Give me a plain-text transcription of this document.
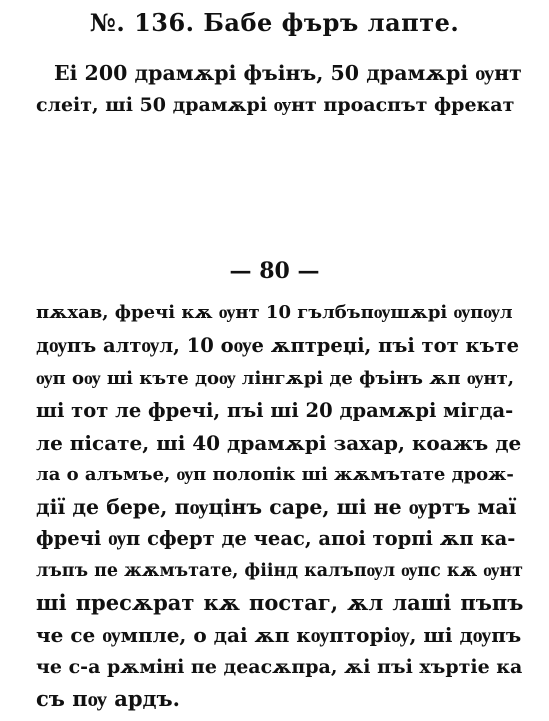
№. 136. Бабе фъръ лапте.
Еі 200 драмѫрі фъінъ, 50 драмѫрі ѹнт
слеіт, ші 50 драмѫрі ѹнт проаспът фрекат
— 80 —
пѫхав, фречі кѫ ѹнт 10 гълбъпѹшѫрі ѹпѹл
дѹпъ алтѹл, 10 оѹе ѫптреџі, пъі тот къте
ѹп оѹ ші къте доѹ лінгѫрі де фъінъ ѫп ѹнт,
ші тот ле фречі, пъі ші 20 драмѫрі мігда-
ле пісате, ші 40 драмѫрі захар, коажъ де
ла о алъмъе, ѹп полопік ші жѫмътате дрож-
дії де бере, пѹцінъ саре, ші не ѹртъ маї
фречі ѹп сферт де чеас, апоі торпі ѫп ка-
лъпъ пе жѫмътате, фіінд калъпѹл ѹпс кѫ ѹнт
ші пресѫрат кѫ постаг, ѫл лаші пъпъ
че се ѹмпле, о даі ѫп кѹпторіѹ, ші дѹпъ
че с-а рѫміні пе деасѫпра, ѫі пъі хъртіе ка
съ пѹ ардъ.
